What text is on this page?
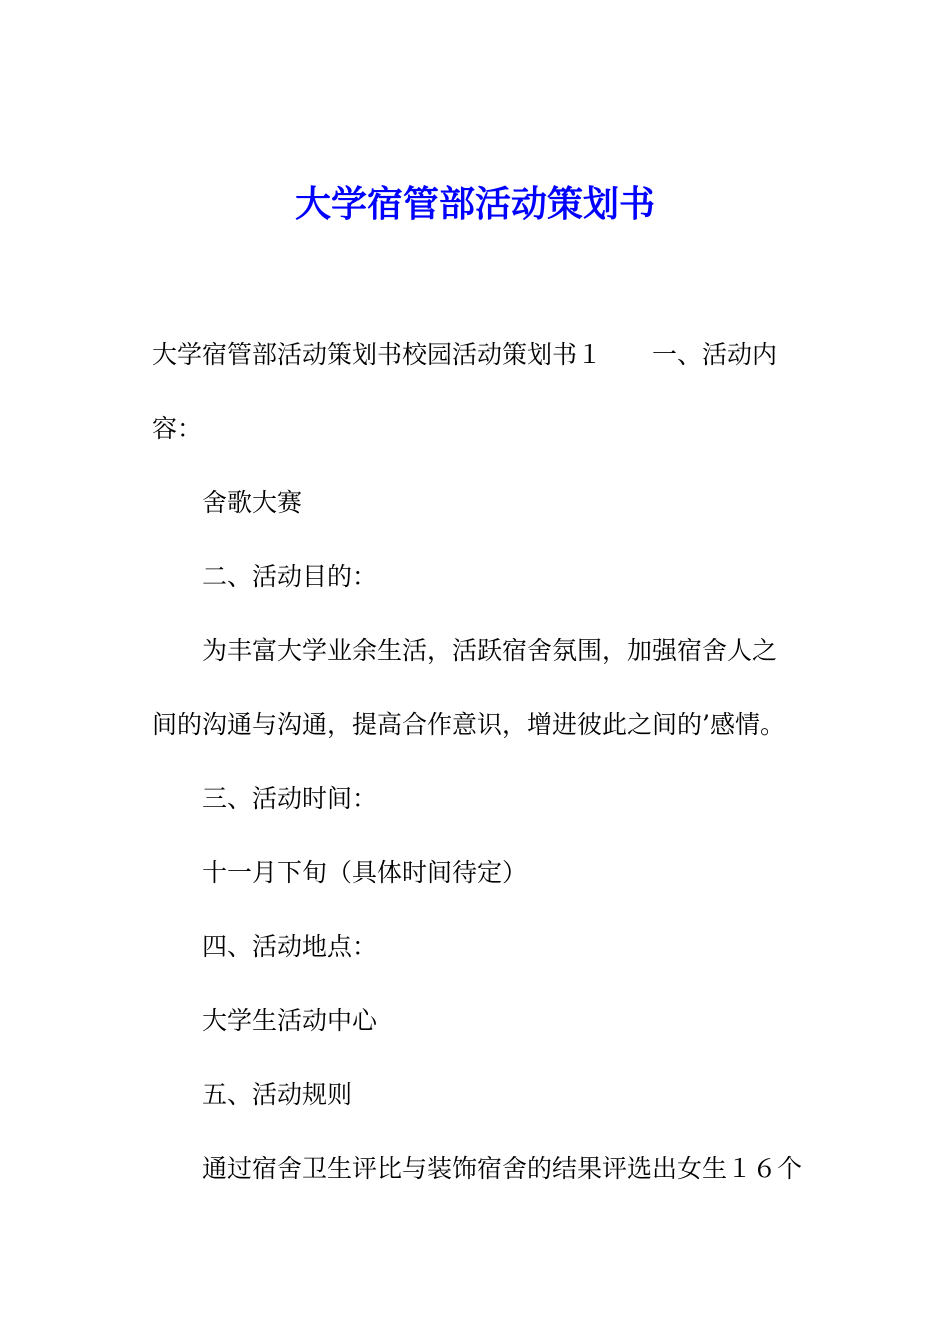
大学宿管部活动策划书

大学宿管部活动策划书校园活动策划书１ 一、活动内

容：

舍歌大赛

二、活动目的：

为丰富大学业余生活，活跃宿舍氛围，加强宿舍人之

间的沟通与沟通，提高合作意识，增进彼此之间的’感情。

三、活动时间：

十一月下旬（具体时间待定）

四、活动地点：

大学生活动中心

五、活动规则

通过宿舍卫生评比与装饰宿舍的结果评选出女生１６个
